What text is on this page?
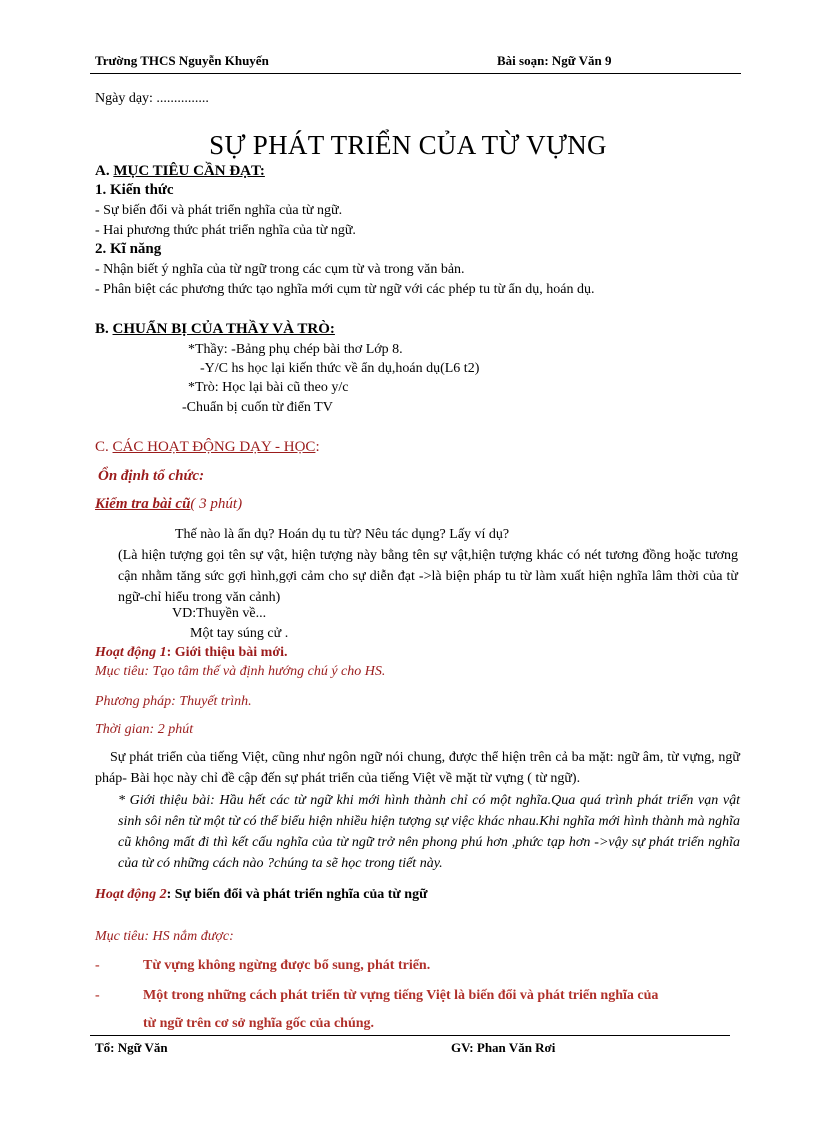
Trường THCS Nguyễn Khuyến	Bài soạn: Ngữ Văn 9
Ngày dạy: ...............
SỰ PHÁT TRIỂN CỦA TỪ VỰNG
A. MỤC TIÊU CẦN ĐẠT:
1. Kiến thức
- Sự biến đổi và phát triển nghĩa của từ ngữ.
- Hai phương thức phát triển nghĩa của từ ngữ.
2. Kĩ năng
- Nhận biết ý nghĩa của từ ngữ trong các cụm từ và trong văn bản.
- Phân biệt các phương thức tạo nghĩa mới cụm từ ngữ với các phép tu từ ẩn dụ, hoán dụ.
B. CHUẨN BỊ CỦA THẦY VÀ TRÒ:
*Thầy: -Bảng phụ chép bài thơ Lớp 8.
-Y/C hs học lại kiến thức về ẩn dụ,hoán dụ(L6 t2)
*Trò: Học lại bài cũ theo y/c
-Chuẩn bị cuốn từ điển TV
C. CÁC HOẠT ĐỘNG DẠY - HỌC:
Ổn định tổ chức:
Kiểm tra bài cũ( 3 phút)
Thế nào là ẩn dụ? Hoán dụ tu từ? Nêu tác dụng? Lấy ví dụ?
(Là hiện tượng gọi tên sự vật, hiện tượng này bằng tên sự vật,hiện tượng khác có nét tương đồng hoặc tương cận nhằm tăng sức gợi hình,gợi cảm cho sự diễn đạt ->là biện pháp tu từ làm xuất hiện nghĩa lâm thời của từ ngữ-chỉ hiểu trong văn cảnh)
VD:Thuyền về...
Một tay súng cử .
Hoạt động 1: Giới thiệu bài mới.
Mục tiêu: Tạo tâm thế và định hướng chú ý cho HS.
Phương pháp: Thuyết trình.
Thời gian: 2 phút
Sự phát triển của tiếng Việt, cũng như ngôn ngữ nói chung, được thể hiện trên cả ba mặt: ngữ âm, từ vựng, ngữ pháp- Bài học này chỉ đề cập đến sự phát triển của tiếng Việt về mặt từ vựng ( từ ngữ).
* Giới thiệu bài: Hầu hết các từ ngữ khi mới hình thành chỉ có một nghĩa.Qua quá trình phát triển vạn vật sinh sôi nên từ một từ có thể biểu hiện nhiều hiện tượng sự việc khác nhau.Khi nghĩa mới hình thành mà nghĩa cũ không mất đi thì kết cấu nghĩa của từ ngữ trở nên phong phú hơn ,phức tạp hơn ->vậy sự phát triển nghĩa của từ có những cách nào ?chúng ta sẽ học trong tiết này.
Hoạt động 2: Sự biến đổi và phát triển nghĩa của từ ngữ
Mục tiêu: HS nắm được:
-	Từ vựng không ngừng được bổ sung, phát triển.
-	Một trong những cách phát triển từ vựng tiếng Việt là biến đổi và phát triển nghĩa của
từ ngữ trên cơ sở nghĩa gốc của chúng.
Tổ: Ngữ Văn	GV: Phan Văn Rơi
